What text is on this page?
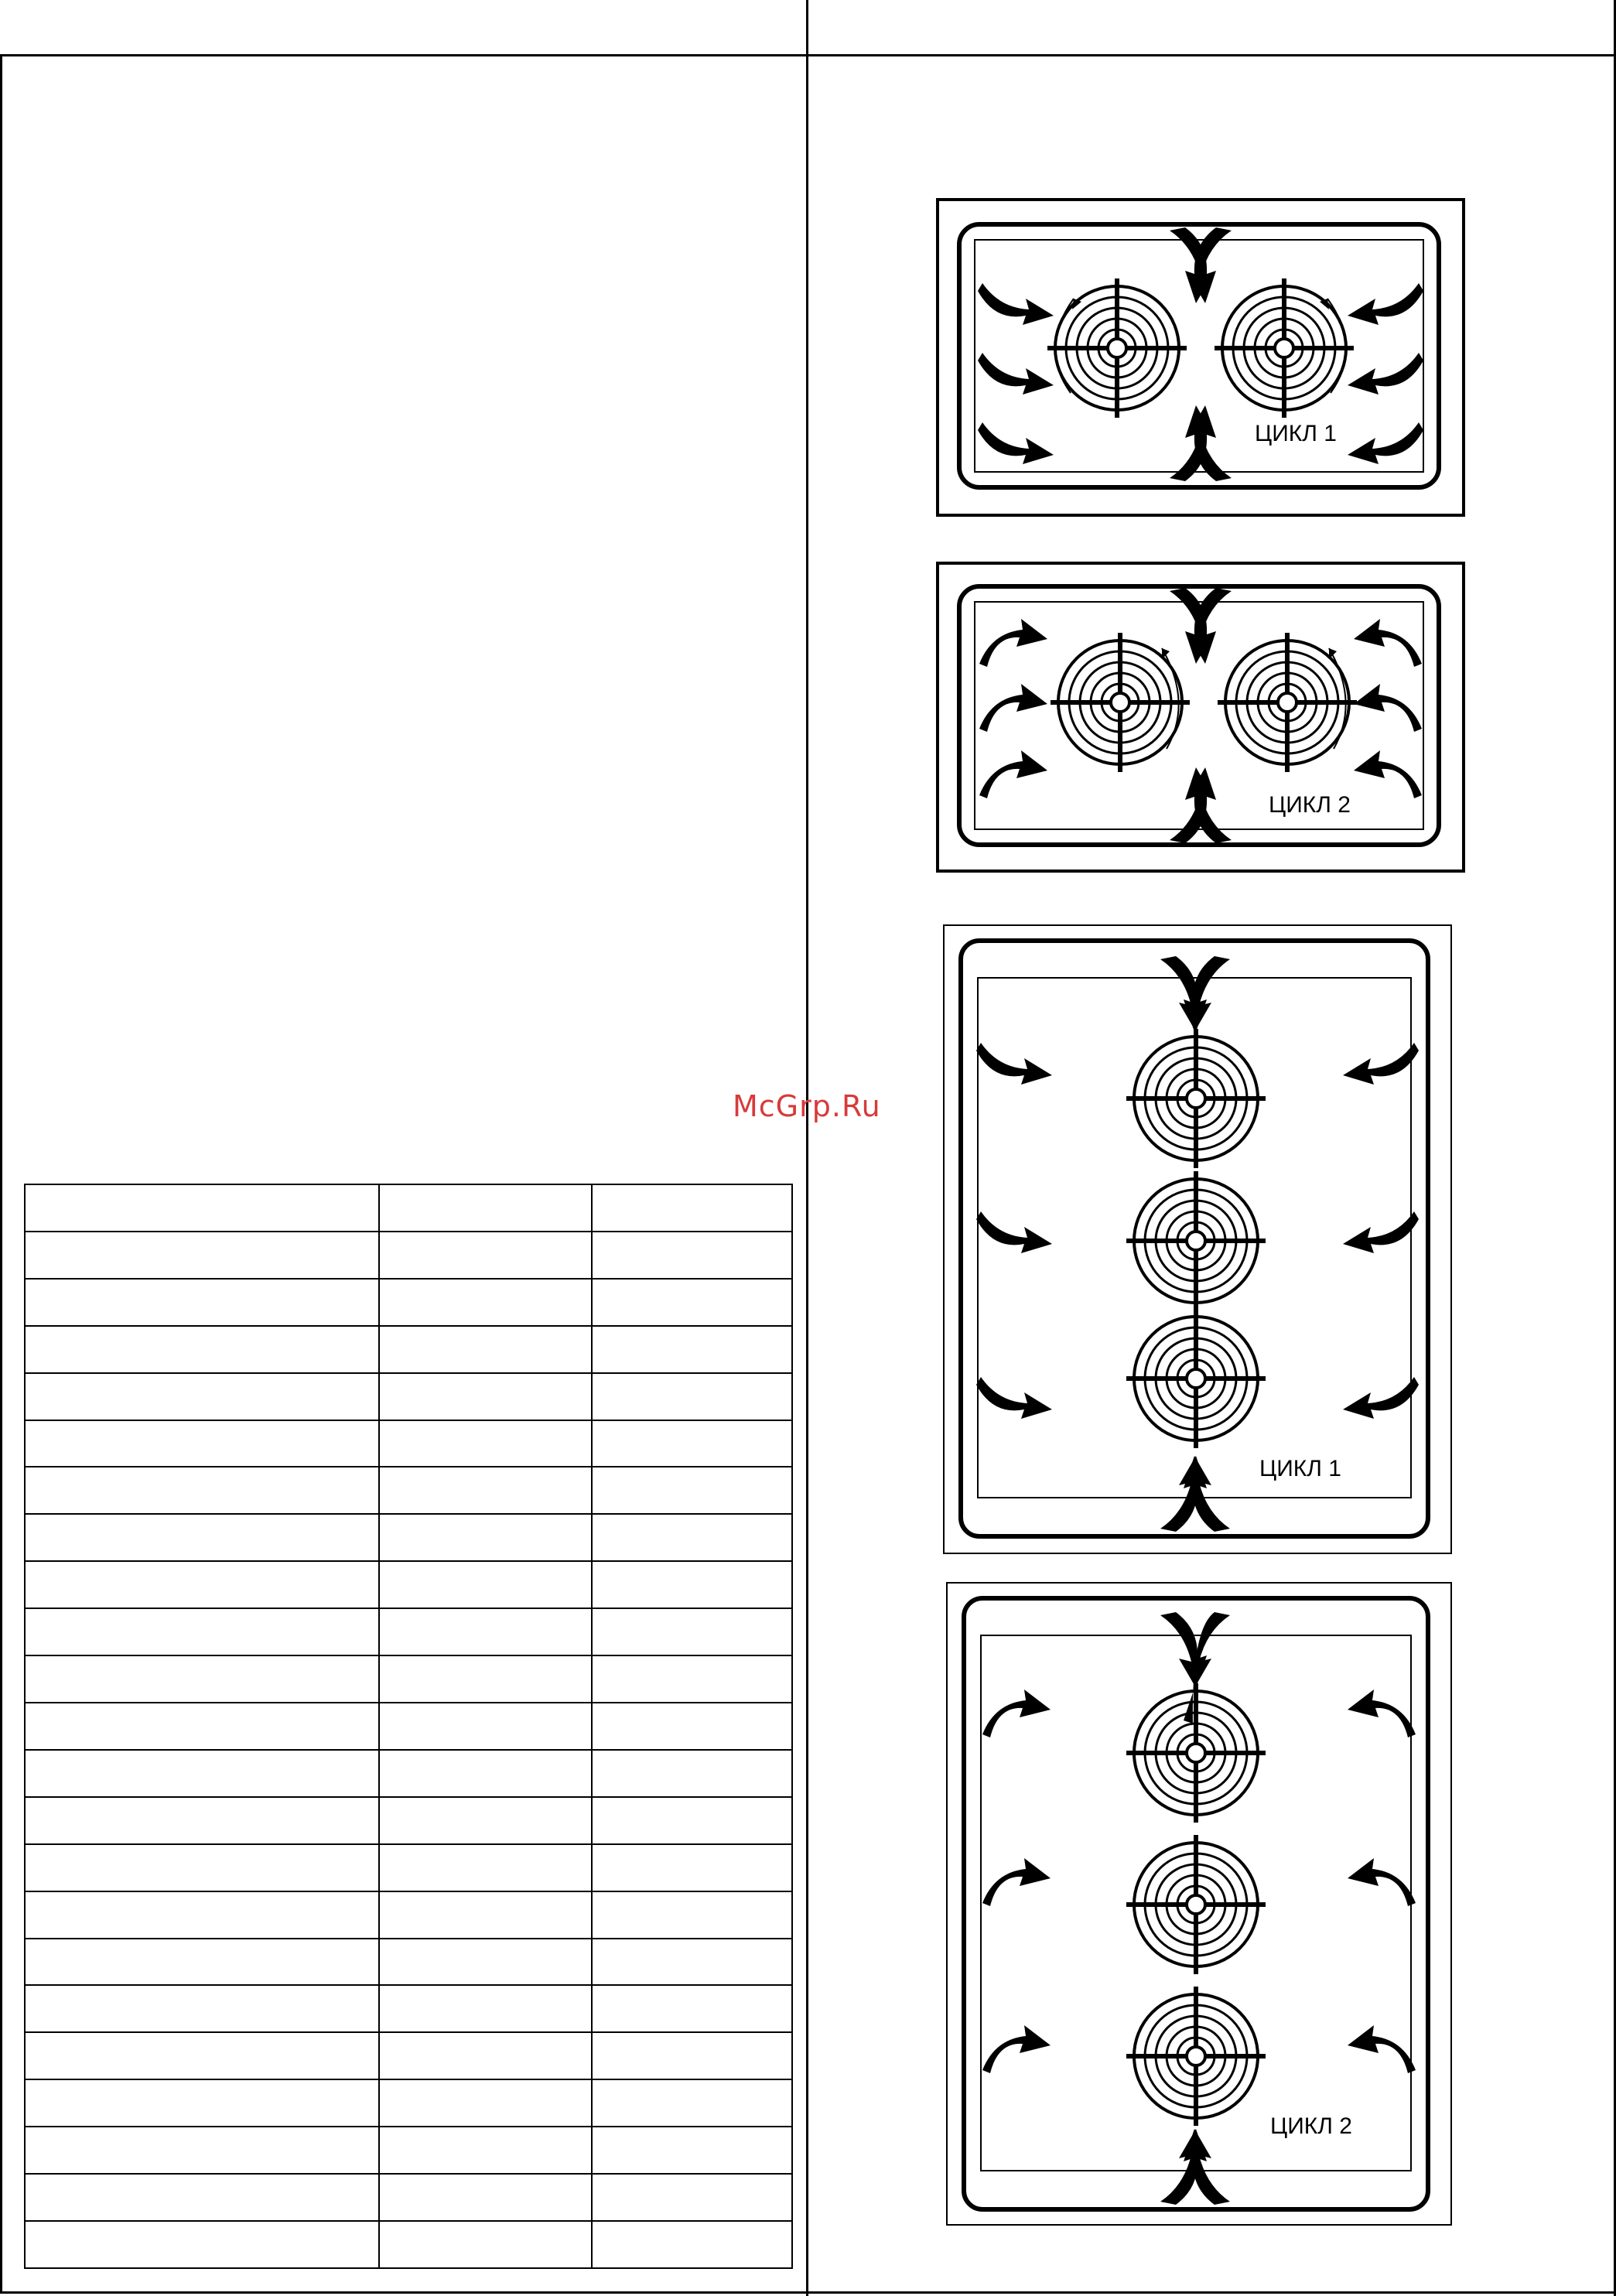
McGrp.Ru

ЦИКЛ 1
ЦИКЛ 2
ЦИКЛ 1
ЦИКЛ 2
